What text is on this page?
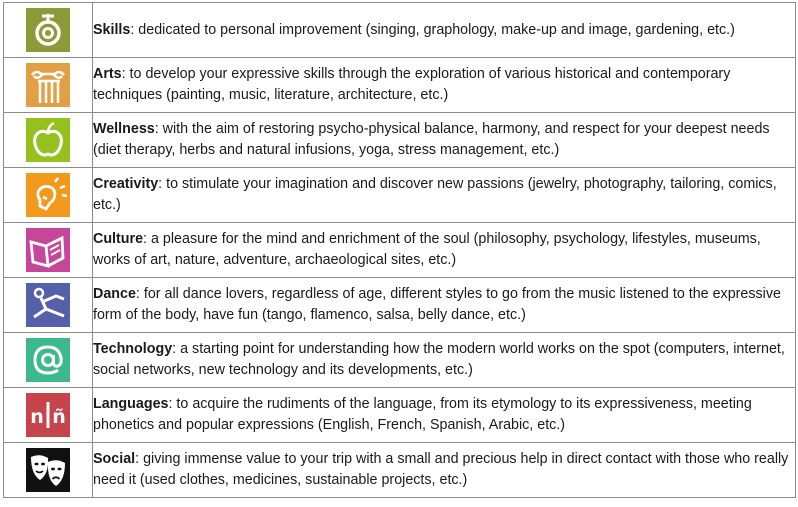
	Skills: dedicated to personal improvement (singing, graphology, make-up and image, gardening, etc.)

	Arts: to develop your expressive skills through the exploration of various historical and contemporary techniques (painting, music, literature, architecture, etc.)

	Wellness: with the aim of restoring psycho-physical balance, harmony, and respect for your deepest needs (diet therapy, herbs and natural infusions, yoga, stress management, etc.)

	Creativity: to stimulate your imagination and discover new passions (jewelry, photography, tailoring, comics, etc.)

	Culture: a pleasure for the mind and enrichment of the soul (philosophy, psychology, lifestyles, museums, works of art, nature, adventure, archaeological sites, etc.)

	Dance: for all dance lovers, regardless of age, different styles to go from the music listened to the expressive form of the body, have fun (tango, flamenco, salsa, belly dance, etc.)

	Technology: a starting point for understanding how the modern world works on the spot (computers, internet, social networks, new technology and its developments, etc.)

n ñ	Languages: to acquire the rudiments of the language, from its etymology to its expressiveness, meeting phonetics and popular expressions (English, French, Spanish, Arabic, etc.)

	Social: giving immense value to your trip with a small and precious help in direct contact with those who really need it (used clothes, medicines, sustainable projects, etc.)
